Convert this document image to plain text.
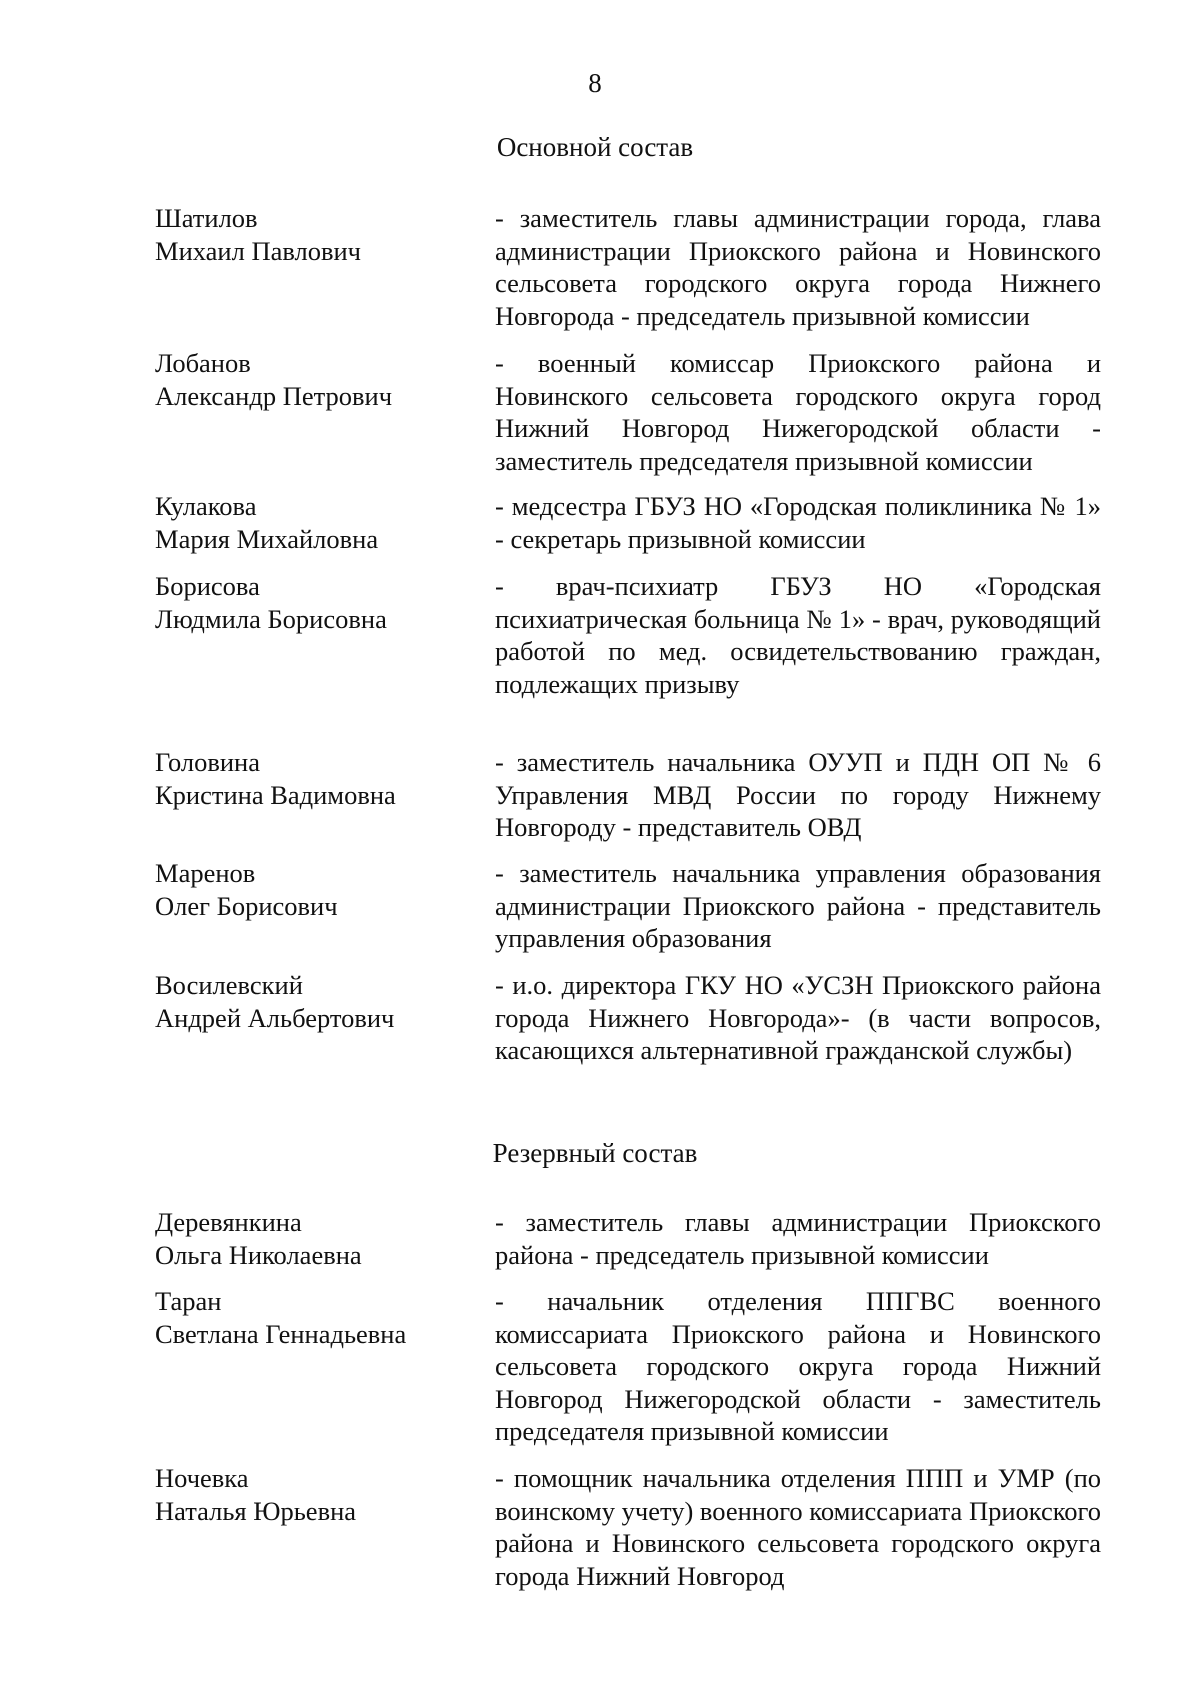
8
Основной состав
Шатилов
Михаил Павлович
- заместитель главы администрации города, глава администрации Приокского района и Новинского сельсовета городского округа города Нижнего Новгорода - председатель призывной комиссии
Лобанов
Александр Петрович
- военный комиссар Приокского района и Новинского сельсовета городского округа город Нижний Новгород Нижегородской области - заместитель председателя призывной комиссии
Кулакова
Мария Михайловна
- медсестра ГБУЗ НО «Городская поликлиника № 1» - секретарь призывной комиссии
Борисова
Людмила Борисовна
- врач-психиатр ГБУЗ НО «Городская психиатрическая больница № 1» - врач, руководящий работой по мед. освидетельствованию граждан, подлежащих призыву
Головина
Кристина Вадимовна
- заместитель начальника ОУУП и ПДН ОП № 6 Управления МВД России по городу Нижнему Новгороду - представитель ОВД
Маренов
Олег Борисович
- заместитель начальника управления образования администрации Приокского района - представитель управления образования
Восилевский
Андрей Альбертович
- и.о. директора ГКУ НО «УСЗН Приокского района города Нижнего Новгорода»- (в части вопросов, касающихся альтернативной гражданской службы)
Резервный состав
Деревянкина
Ольга Николаевна
- заместитель главы администрации Приокского района - председатель призывной комиссии
Таран
Светлана Геннадьевна
- начальник отделения ППГВС военного комиссариата Приокского района и Новинского сельсовета городского округа города Нижний Новгород Нижегородской области - заместитель председателя призывной комиссии
Ночевка
Наталья Юрьевна
- помощник начальника отделения ППП и УМР (по воинскому учету) военного комиссариата Приокского района и Новинского сельсовета городского округа города Нижний Новгород
